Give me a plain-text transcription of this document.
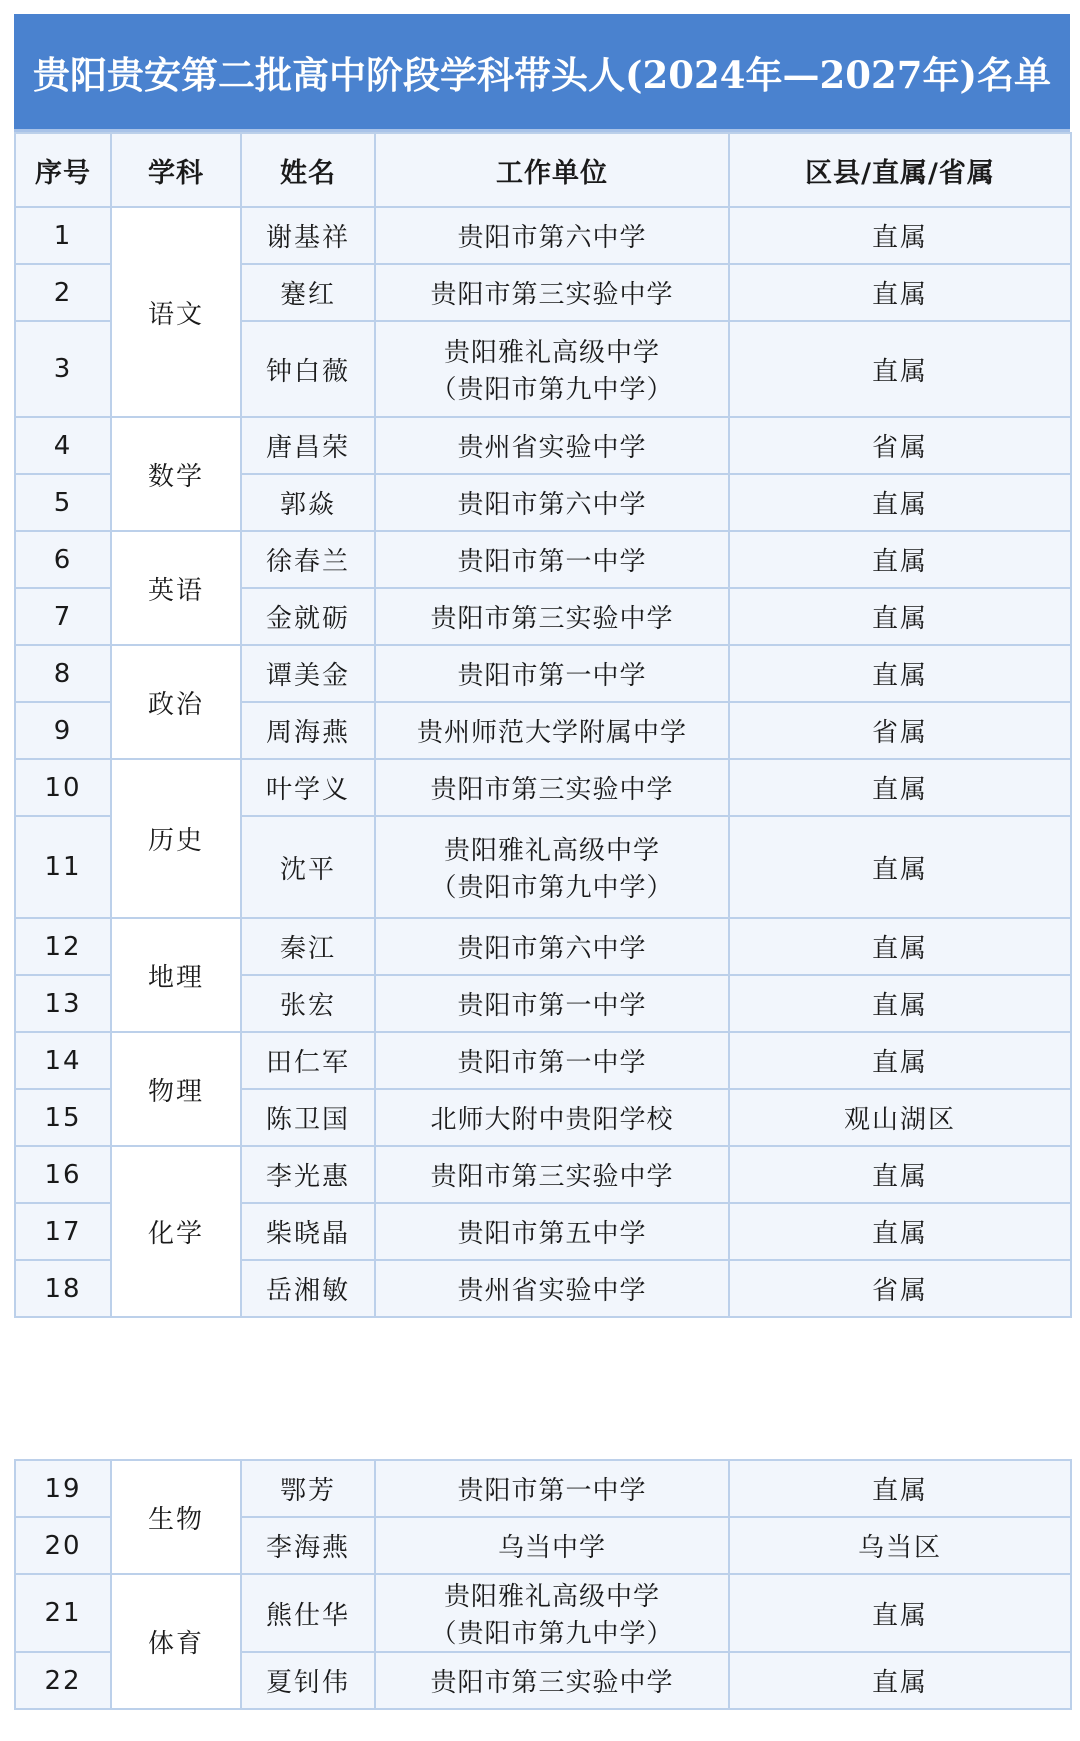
贵阳贵安第二批高中阶段学科带头人(2024年—2027年)名单
序号	学科	姓名	工作单位	区县/直属/省属
1	语文	谢基祥	贵阳市第六中学	直属
2		蹇红	贵阳市第三实验中学	直属
3		钟白薇	贵阳雅礼高级中学
（贵阳市第九中学）	直属
4	数学	唐昌荣	贵州省实验中学	省属
5		郭焱	贵阳市第六中学	直属
6	英语	徐春兰	贵阳市第一中学	直属
7		金就砺	贵阳市第三实验中学	直属
8	政治	谭美金	贵阳市第一中学	直属
9		周海燕	贵州师范大学附属中学	省属
10	历史	叶学义	贵阳市第三实验中学	直属
11		沈平	贵阳雅礼高级中学
（贵阳市第九中学）	直属
12	地理	秦江	贵阳市第六中学	直属
13		张宏	贵阳市第一中学	直属
14	物理	田仁军	贵阳市第一中学	直属
15		陈卫国	北师大附中贵阳学校	观山湖区
16	化学	李光惠	贵阳市第三实验中学	直属
17		柴晓晶	贵阳市第五中学	直属
18		岳湘敏	贵州省实验中学	省属
19	生物	鄂芳	贵阳市第一中学	直属
20		李海燕	乌当中学	乌当区
21	体育	熊仕华	贵阳雅礼高级中学
（贵阳市第九中学）	直属
22		夏钊伟	贵阳市第三实验中学	直属
